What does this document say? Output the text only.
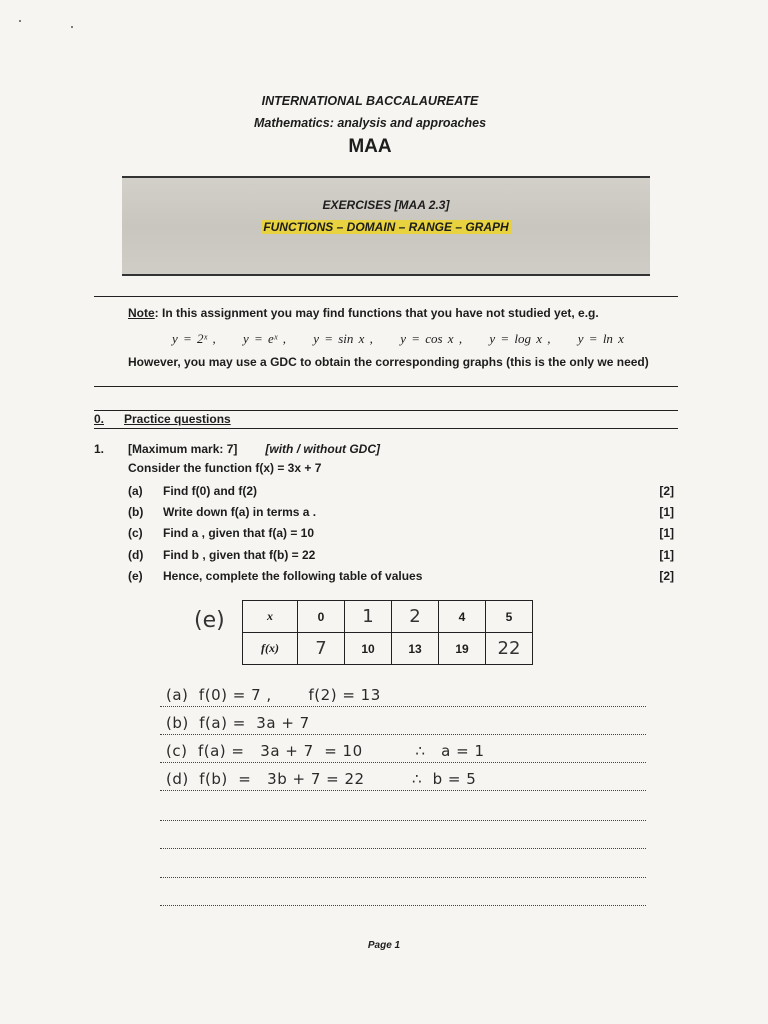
INTERNATIONAL BACCALAUREATE
Mathematics: analysis and approaches
MAA
EXERCISES [MAA 2.3]
FUNCTIONS – DOMAIN – RANGE – GRAPH
Note: In this assignment you may find functions that you have not studied yet, e.g.
y = 2ˣ , y = eˣ , y = sin x , y = cos x , y = log x , y = ln x
However, you may use a GDC to obtain the corresponding graphs (this is the only we need)
0. Practice questions
1. [Maximum mark: 7] [with / without GDC]
Consider the function f(x) = 3x + 7
(a) Find f(0) and f(2)	[2]
(b) Write down f(a) in terms a .	[1]
(c) Find a , given that f(a) = 10	[1]
(d) Find b , given that f(b) = 22	[1]
(e) Hence, complete the following table of values	[2]
(e)	x	0	1	2	4	5
f(x)	7	10	13	19	22
(a)  f(0) = 7 ,       f(2) = 13
(b)  f(a) =  3a + 7
(c)  f(a) =   3a + 7  = 10          ∴   a = 1
(d)  f(b)  =   3b + 7 = 22         ∴  b = 5
Page 1
